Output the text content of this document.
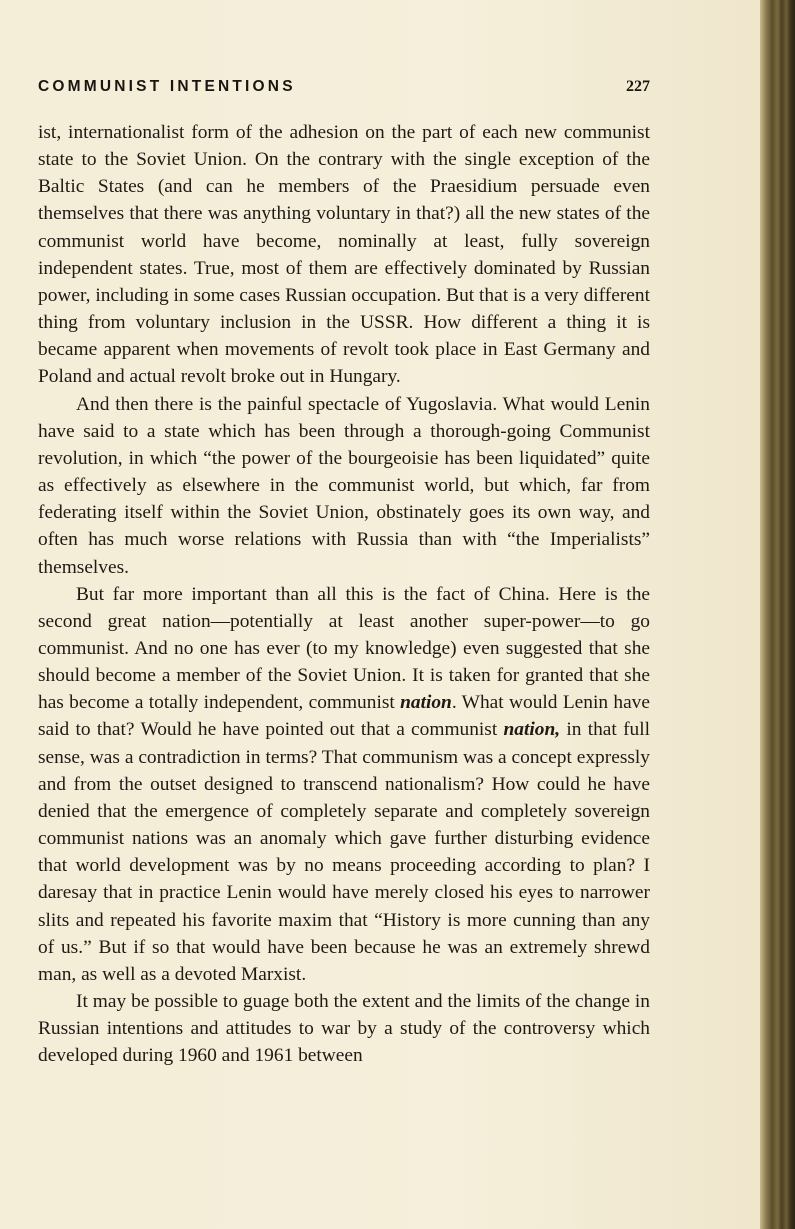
COMMUNIST INTENTIONS	227

ist, internationalist form of the adhesion on the part of each new communist state to the Soviet Union. On the contrary with the single exception of the Baltic States (and can he members of the Praesidium persuade even themselves that there was anything voluntary in that?) all the new states of the communist world have become, nominally at least, fully sovereign independent states. True, most of them are effectively dominated by Russian power, including in some cases Russian occupation. But that is a very different thing from voluntary inclusion in the USSR. How different a thing it is became apparent when movements of revolt took place in East Germany and Poland and actual revolt broke out in Hungary.

And then there is the painful spectacle of Yugoslavia. What would Lenin have said to a state which has been through a thorough-going Communist revolution, in which “the power of the bourgeoisie has been liquidated” quite as effectively as elsewhere in the communist world, but which, far from federating itself within the Soviet Union, obstinately goes its own way, and often has much worse relations with Russia than with “the Imperialists” themselves.

But far more important than all this is the fact of China. Here is the second great nation—potentially at least another super-power—to go communist. And no one has ever (to my knowledge) even suggested that she should become a member of the Soviet Union. It is taken for granted that she has become a totally independent, communist nation. What would Lenin have said to that? Would he have pointed out that a communist nation, in that full sense, was a contradiction in terms? That communism was a concept expressly and from the outset designed to transcend nationalism? How could he have denied that the emergence of completely separate and completely sovereign communist nations was an anomaly which gave further disturbing evidence that world development was by no means proceeding according to plan? I daresay that in practice Lenin would have merely closed his eyes to narrower slits and repeated his favorite maxim that “History is more cunning than any of us.” But if so that would have been because he was an extremely shrewd man, as well as a devoted Marxist.

It may be possible to guage both the extent and the limits of the change in Russian intentions and attitudes to war by a study of the controversy which developed during 1960 and 1961 between
